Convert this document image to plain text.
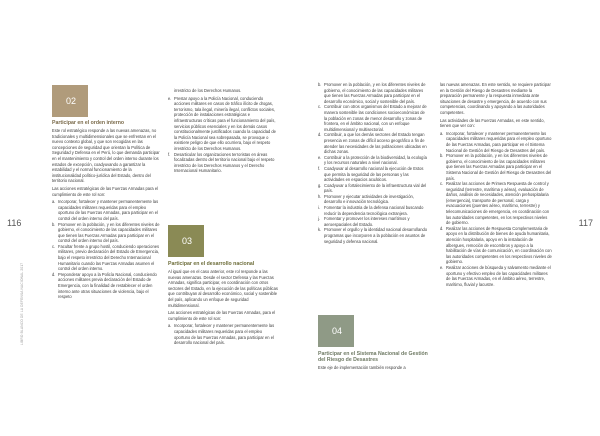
116	117
LIBRO BLANCO DE LA DEFENSA NACIONAL 2017
02
Participar en el orden interno

Este rol estratégico responde a las nuevas amenazas, no tradicionales y multidimensionales que se enfrentan en el nuevo contexto global, y que son recogidas en las concepciones de seguridad que orientan la Política de Seguridad y Defensa en el Perú, lo que demanda participar en el mantenimiento y control del orden interno durante los estados de excepción, coadyuvando a garantizar la estabilidad y el normal funcionamiento de la institucionalidad político-jurídica del Estado, dentro del territorio nacional.

Las acciones estratégicas de las Fuerzas Armadas para el cumplimiento de este rol son:

a. Incorporar, fortalecer y mantener permanentemente las capacidades militares requeridas para el empleo oportuno de las Fuerzas Armadas, para participar en el control del orden interno del país.
b. Promover en la población, y en los diferentes niveles de gobierno, el conocimiento de las capacidades militares que tienen las Fuerzas Armadas para participar en el control del orden interno del país.
c. Facultar frente a grupo hostil, conduciendo operaciones militares, previo declaración del Estado de Emergencia, bajo el respeto irrestricto del Derecho Internacional Humanitario cuando las Fuerzas Armadas asumen el control del orden interno.
d. Preponderar apoyo a la Policía Nacional, conduciendo acciones militares previa declaración del Estado de Emergencia, con la finalidad de restablecer el orden interno ante otras situaciones de violencia, bajo el respeto

irrestricto de los Derechos Humanos.

e. Prestar apoyo a la Policía Nacional, conduciendo acciones militares en casos de tráfico ilícito de drogas, terrorismo, tala ilegal, minería ilegal, conflictos sociales, protección de instalaciones estratégicas e infraestructuras críticas para el funcionamiento del país, servicios públicos esenciales y en los demás casos constitucionalmente justificados cuando la capacidad de la Policía Nacional sea sobrepasada, se provoque o existiere peligro de que ello ocurriera, bajo el respeto irrestricto de los Derechos Humanos.
f. Desarticular los organizaciones terroristas en áreas focalizadas dentro del territorio nacional bajo el respeto irrestricto de los Derechos Humanos y el Derecho Internacional Humanitario.
03
Participar en el desarrollo nacional

Al igual que en el caso anterior, este rol responde a las nuevas amenazas. Desde el sector Defensa y las Fuerzas Armadas, significa participar, en coordinación con otros sectores del Estado, en la ejecución de las políticas públicas que contribuyan al desarrollo económico, social y sostenible del país, aplicando un enfoque de seguridad multidimensional.

Las acciones estratégicas de las Fuerzas Armadas, para el cumplimiento de este rol son:

a. Incorporar, fortalecer y mantener permanentemente las capacidades militares requeridas para el empleo oportuno de las Fuerzas Armadas, para participar en el desarrollo nacional del país.
b. Promover en la población, y en los diferentes niveles de gobierno, el conocimiento de las capacidades militares que tienen las Fuerzas Armadas para participar en el desarrollo económico, social y sostenible del país.
c. Contribuir con otros organismos del Estado a mejorar de manera sostenible las condiciones socioeconómicas de la población en zonas de menor desarrollo y zonas de frontera, en el ámbito nacional, con un enfoque multidimensional y multisectorial.
d. Contribuir, a que los demás sectores del Estado tengan presencia en zonas de difícil acceso geográfico a fin de atender las necesidades de las poblaciones ubicadas en dichas zonas.
e. Contribuir a la protección de la biodiversidad, la ecología y los recursos naturales a nivel nacional.
f. Coadyuvar al desarrollo nacional la ejecución de Estos que permita la seguridad de las personas y las actividades en espacios acuáticos.
g. Coadyuvar a fortalecimiento de la infraestructura vial del país.
h. Promover y ejecutar actividades de investigación, desarrollo e innovación tecnológica.
i. Fomentar la industria de la defensa nacional buscando reducir la dependencia tecnológica extranjera.
j. Fomentar y promover los intereses marítimos y aeroespaciales del Estado.
k. Promover el orgullo y la identidad nacional desarrollando programas que incorporen a la población en asuntos de seguridad y defensa nacional.
04
Participar en el Sistema Nacional de Gestión del Riesgo de Desastres

Este eje de implementación también responde a

las nuevas amenazas. En este sentido, se requiere participar en la Gestión del Riesgo de Desastres mediante la preparación permanente y la respuesta inmediata ante situaciones de desastre y emergencia, de acuerdo con sus competencias, coordinando y apoyando a las autoridades competentes.

Las actividades de las Fuerzas Armadas, en este sentido, tienen que ver con:

a. Incorporar, fortalecer y mantener permanentemente las capacidades militares requeridas para el empleo oportuno de las Fuerzas Armadas, para participar en el Sistema Nacional de Gestión del Riesgo de Desastres del país.
b. Promover en la población, y en los diferentes niveles de gobierno, el conocimiento de las capacidades militares que tienen las Fuerzas Armadas para participar en el Sistema Nacional de Gestión del Riesgo de Desastres del país.
c. Realizar las acciones de Primera Respuesta de control y seguridad (terrestre, marítima y aérea), evaluación de daños, análisis de necesidades, atención prehospitalaria (emergencia), transporte de personal, carga y evacuaciones (puentes aéreo, marítimo, terrestre) y telecomunicaciones de emergencia, en coordinación con las autoridades competentes, en los respectivos niveles de gobierno.
d. Realizar las acciones de Respuesta Complementaria de apoyo en la distribución de bienes de ayuda humanitaria, atención hospitalaria, apoyo en la instalación de albergues, remoción de escombros y apoyo a la habilitación de vías de comunicación, en coordinación con las autoridades competentes en los respectivos niveles de gobierno.
e. Realizar acciones de búsqueda y salvamento mediante el oportuno y efectivo empleo de las capacidades militares de las Fuerzas Armadas, en el ámbito aéreo, terrestre, marítimo, fluvial y lacustre.
